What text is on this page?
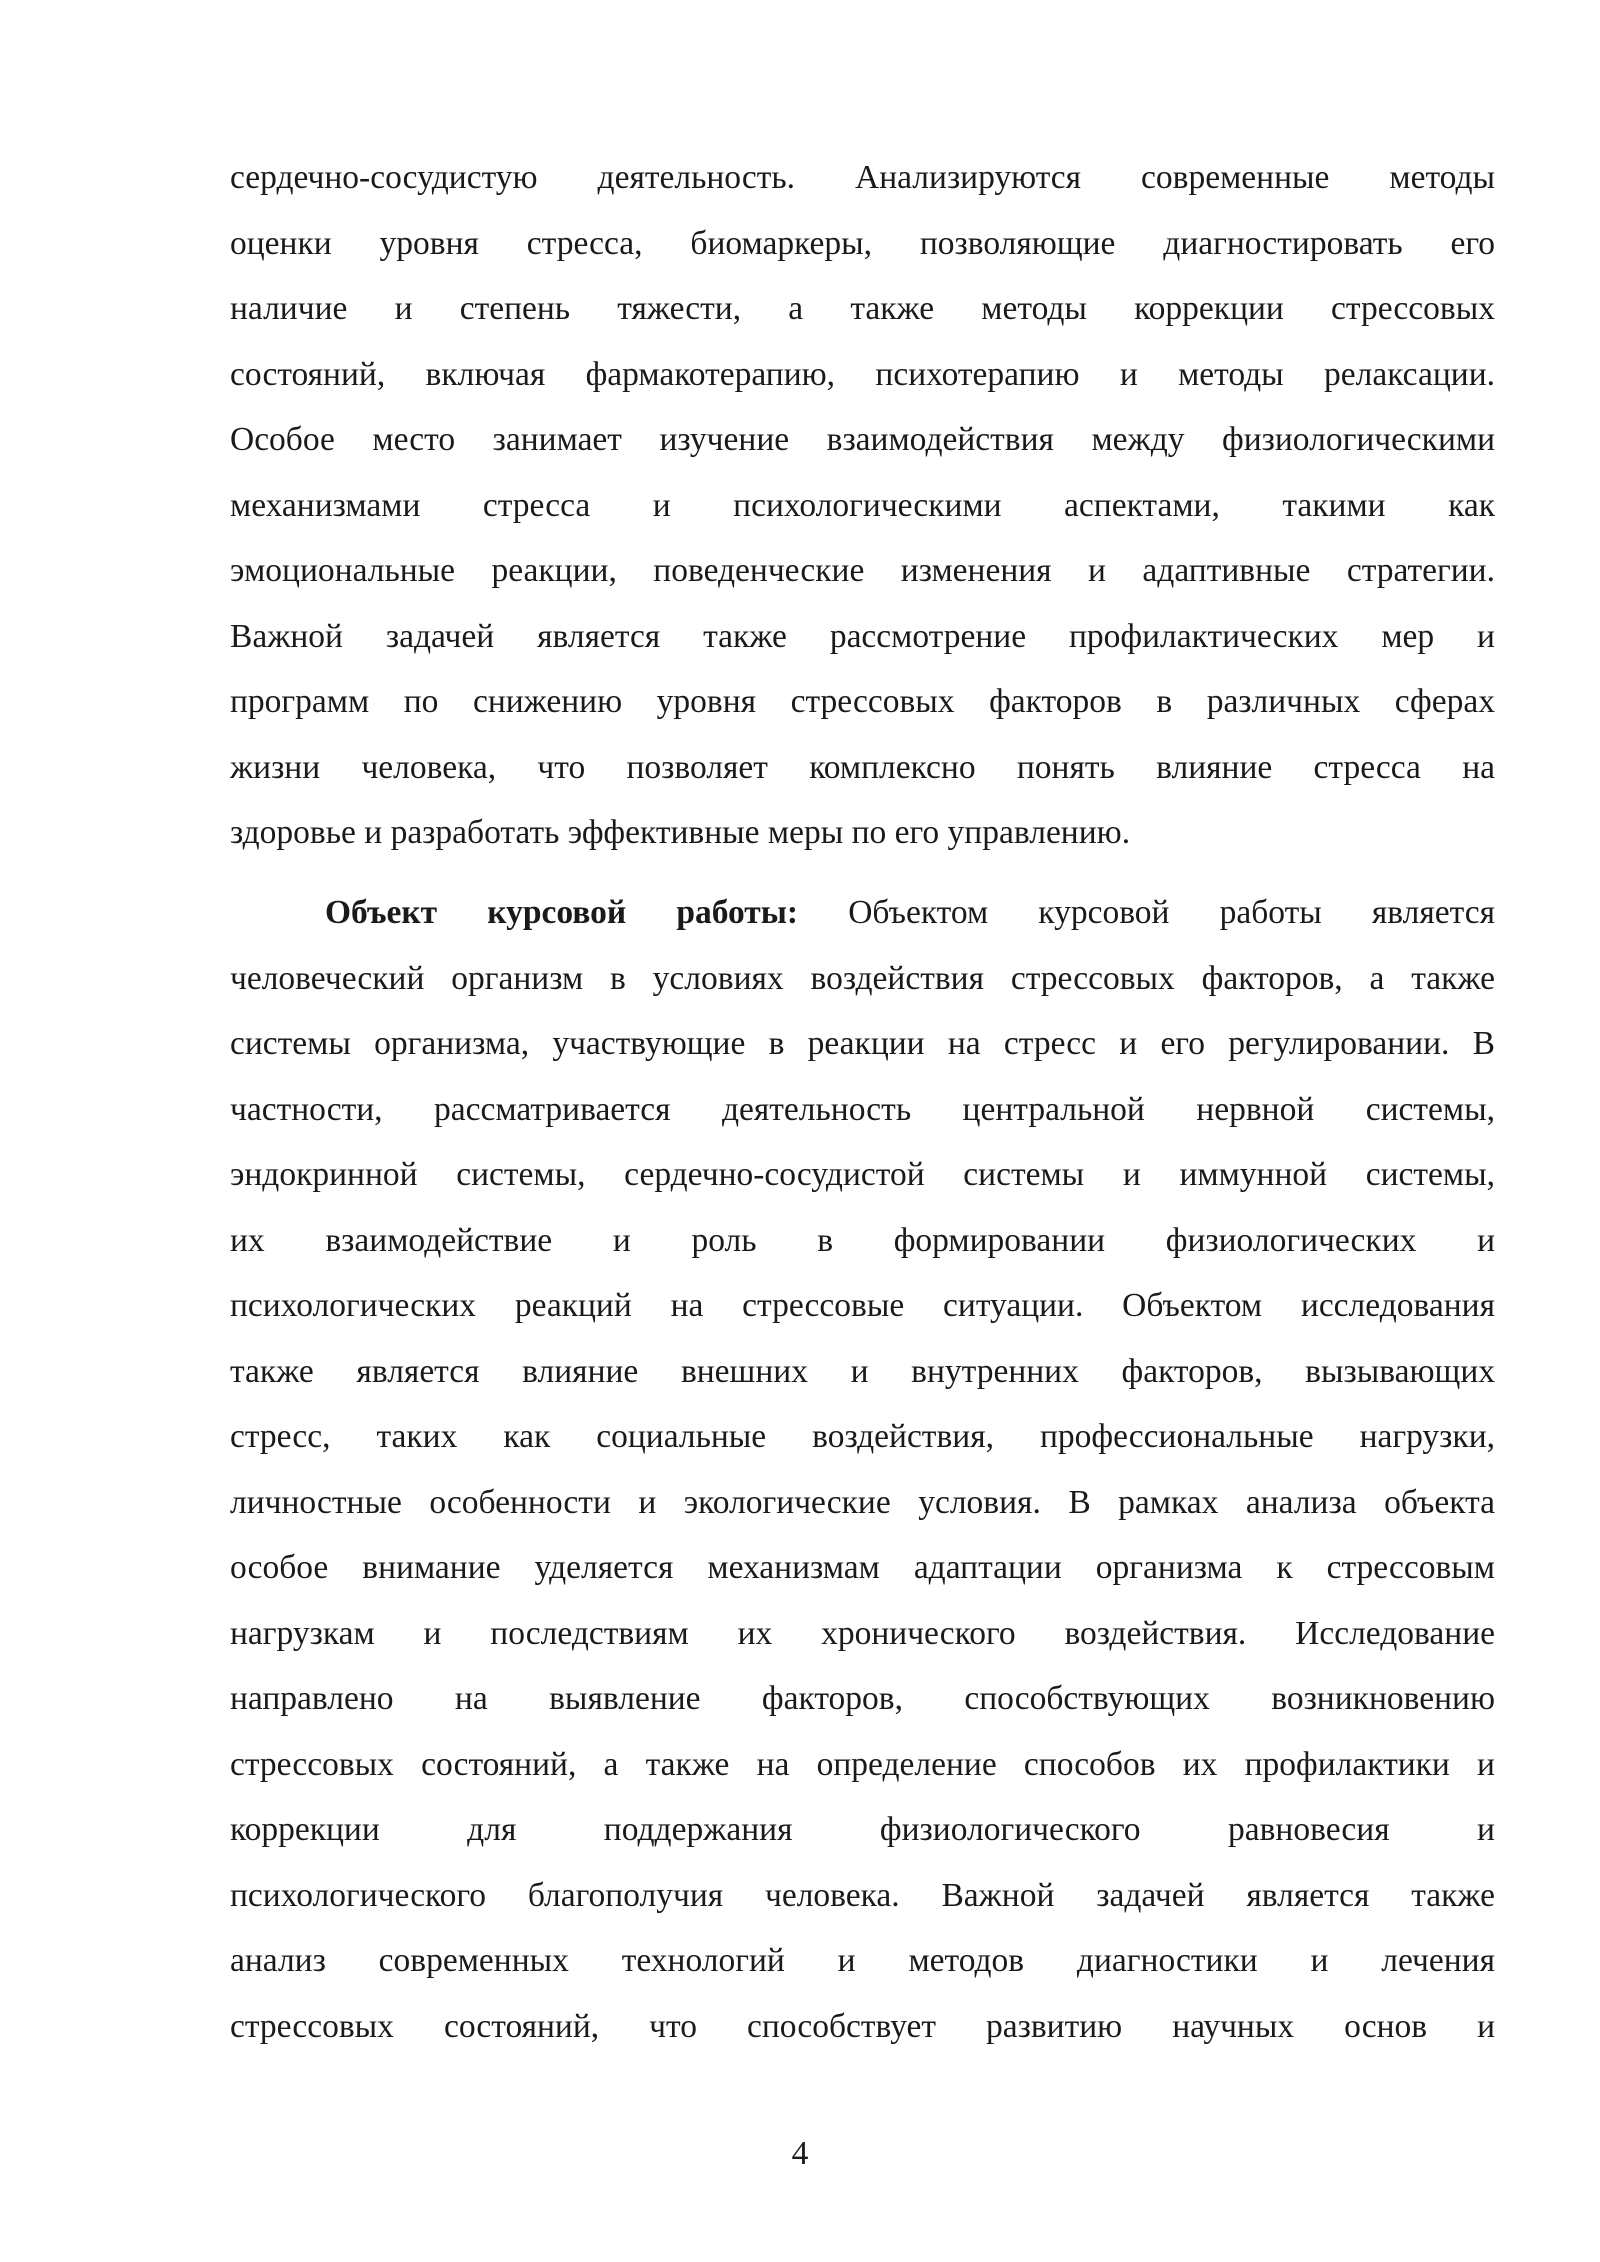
сердечно-сосудистую деятельность. Анализируются современные методы
оценки уровня стресса, биомаркеры, позволяющие диагностировать его
наличие и степень тяжести, а также методы коррекции стрессовых
состояний, включая фармакотерапию, психотерапию и методы релаксации.
Особое место занимает изучение взаимодействия между физиологическими
механизмами стресса и психологическими аспектами, такими как
эмоциональные реакции, поведенческие изменения и адаптивные стратегии.
Важной задачей является также рассмотрение профилактических мер и
программ по снижению уровня стрессовых факторов в различных сферах
жизни человека, что позволяет комплексно понять влияние стресса на
здоровье и разработать эффективные меры по его управлению.
Объект курсовой работы: Объектом курсовой работы является
человеческий организм в условиях воздействия стрессовых факторов, а также
системы организма, участвующие в реакции на стресс и его регулировании. В
частности, рассматривается деятельность центральной нервной системы,
эндокринной системы, сердечно-сосудистой системы и иммунной системы,
их взаимодействие и роль в формировании физиологических и
психологических реакций на стрессовые ситуации. Объектом исследования
также является влияние внешних и внутренних факторов, вызывающих
стресс, таких как социальные воздействия, профессиональные нагрузки,
личностные особенности и экологические условия. В рамках анализа объекта
особое внимание уделяется механизмам адаптации организма к стрессовым
нагрузкам и последствиям их хронического воздействия. Исследование
направлено на выявление факторов, способствующих возникновению
стрессовых состояний, а также на определение способов их профилактики и
коррекции для поддержания физиологического равновесия и
психологического благополучия человека. Важной задачей является также
анализ современных технологий и методов диагностики и лечения
стрессовых состояний, что способствует развитию научных основ и
4
